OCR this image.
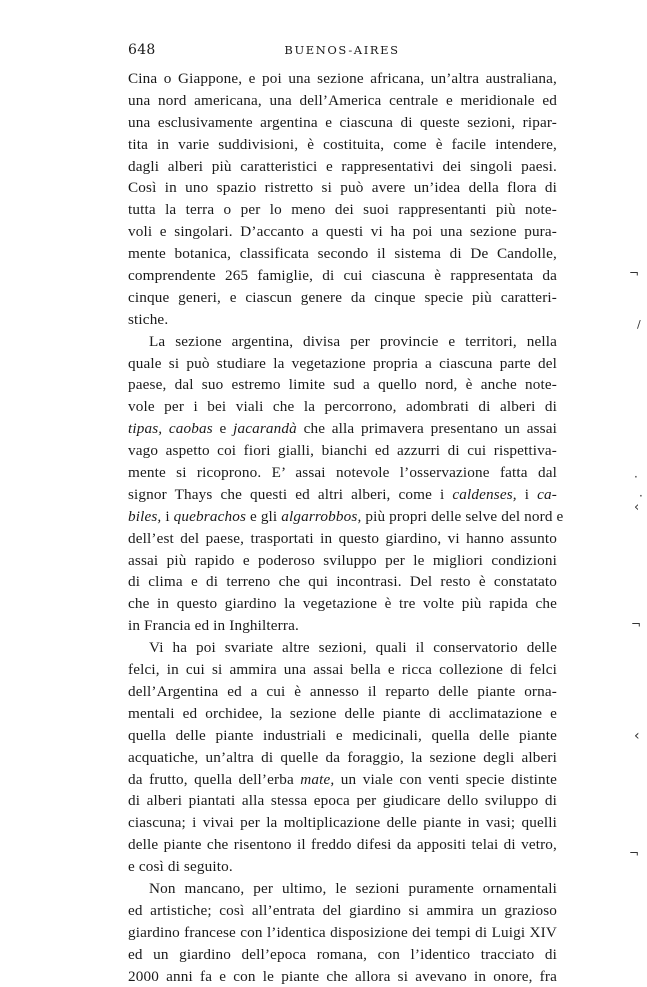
648	BUENOS-AIRES
Cina o Giappone, e poi una sezione africana, un’altra australiana,
una nord americana, una dell’America centrale e meridionale ed
una esclusivamente argentina e ciascuna di queste sezioni, ripar-
tita in varie suddivisioni, è costituita, come è facile intendere,
dagli alberi più caratteristici e rappresentativi dei singoli paesi.
Così in uno spazio ristretto si può avere un’idea della flora di
tutta la terra o per lo meno dei suoi rappresentanti più note-
voli e singolari. D’accanto a questi vi ha poi una sezione pura-
mente botanica, classificata secondo il sistema di De Candolle,
comprendente 265 famiglie, di cui ciascuna è rappresentata da
cinque generi, e ciascun genere da cinque specie più caratteri-
stiche.
La sezione argentina, divisa per provincie e territori, nella
quale si può studiare la vegetazione propria a ciascuna parte del
paese, dal suo estremo limite sud a quello nord, è anche note-
vole per i bei viali che la percorrono, adombrati di alberi di
tipas, caobas e jacarandà che alla primavera presentano un assai
vago aspetto coi fiori gialli, bianchi ed azzurri di cui rispettiva-
mente si ricoprono. E’ assai notevole l’osservazione fatta dal
signor Thays che questi ed altri alberi, come i caldenses, i ca-
biles, i quebrachos e gli algarrobbos, più propri delle selve del nord e
dell’est del paese, trasportati in questo giardino, vi hanno assunto
assai più rapido e poderoso sviluppo per le migliori condizioni
di clima e di terreno che qui incontrasi. Del resto è constatato
che in questo giardino la vegetazione è tre volte più rapida che
in Francia ed in Inghilterra.
Vi ha poi svariate altre sezioni, quali il conservatorio delle
felci, in cui si ammira una assai bella e ricca collezione di felci
dell’Argentina ed a cui è annesso il reparto delle piante orna-
mentali ed orchidee, la sezione delle piante di acclimatazione e
quella delle piante industriali e medicinali, quella delle piante
acquatiche, un’altra di quelle da foraggio, la sezione degli alberi
da frutto, quella dell’erba mate, un viale con venti specie distinte
di alberi piantati alla stessa epoca per giudicare dello sviluppo di
ciascuna; i vivai per la moltiplicazione delle piante in vasi; quelli
delle piante che risentono il freddo difesi da appositi telai di vetro,
e così di seguito.
Non mancano, per ultimo, le sezioni puramente ornamentali
ed artistiche; così all’entrata del giardino si ammira un grazioso
giardino francese con l’identica disposizione dei tempi di Luigi XIV
ed un giardino dell’epoca romana, con l’identico tracciato di
2000 anni fa e con le piante che allora si avevano in onore, fra
¬
/
·
·
‹
¬
‹
¬
